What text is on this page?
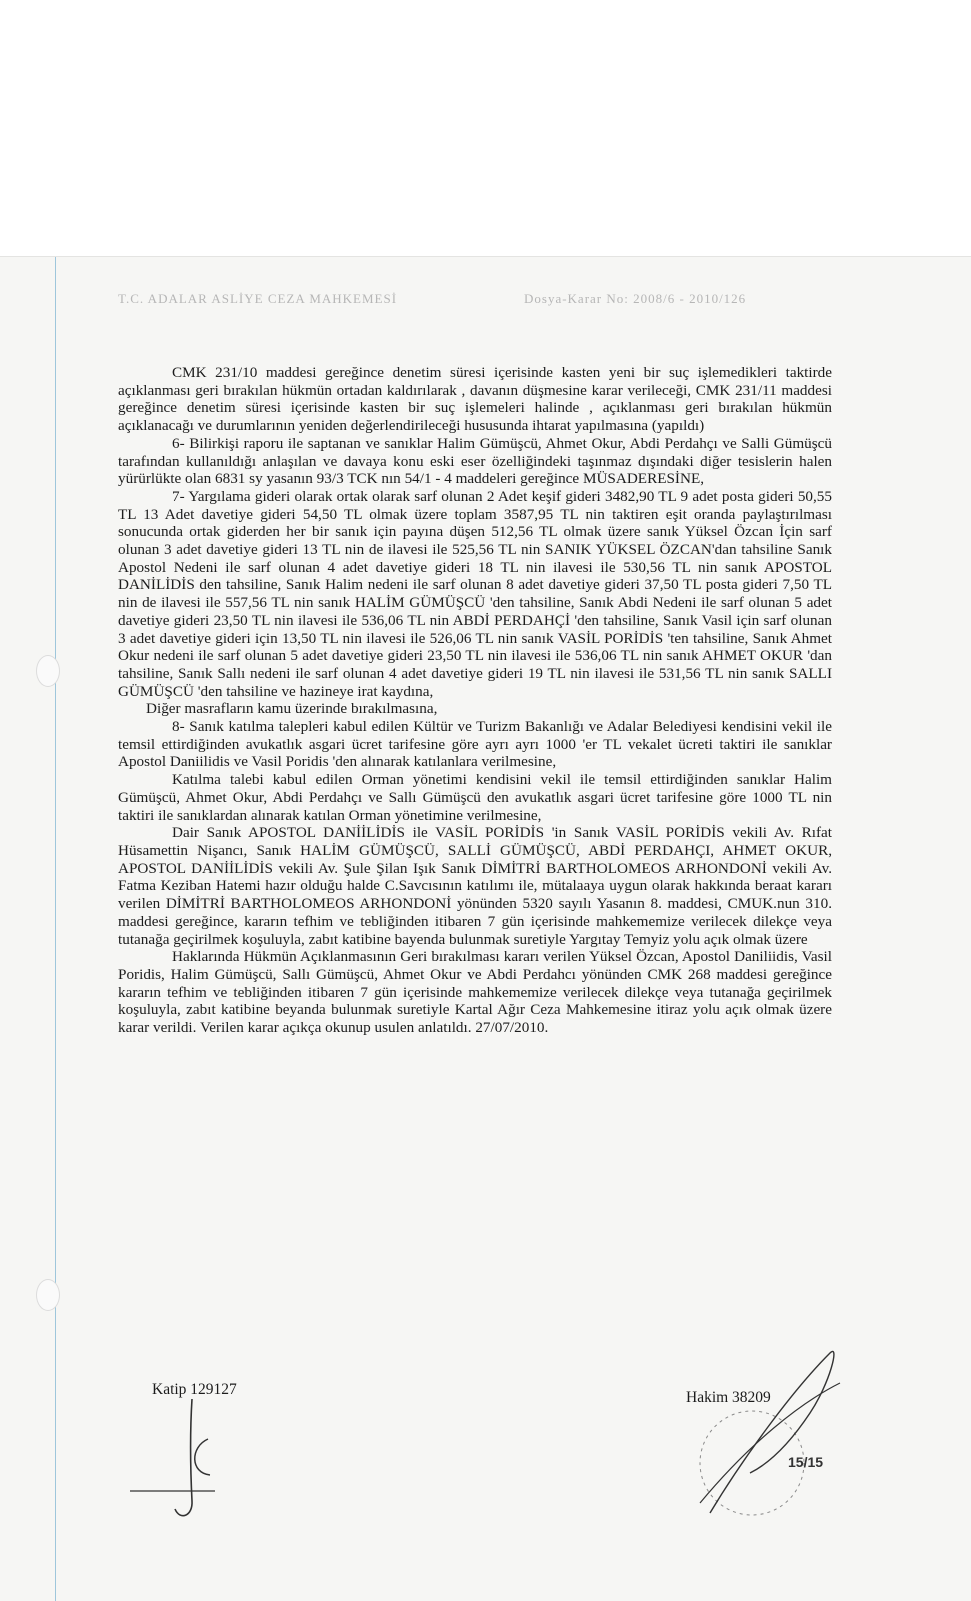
T.C. ADALAR ASLİYE CEZA MAHKEMESİ	Dosya-Karar No: 2008/6 - 2010/126

CMK 231/10 maddesi gereğince denetim süresi içerisinde kasten yeni bir suç işlemedikleri taktirde açıklanması geri bırakılan hükmün ortadan kaldırılarak , davanın düşmesine karar verileceği, CMK 231/11 maddesi gereğince denetim süresi içerisinde kasten bir suç işlemeleri halinde , açıklanması geri bırakılan hükmün açıklanacağı ve durumlarının yeniden değerlendirileceği hususunda ihtarat yapılmasına (yapıldı)

6- Bilirkişi raporu ile saptanan ve sanıklar Halim Gümüşcü, Ahmet Okur, Abdi Perdahçı ve Salli Gümüşcü tarafından kullanıldığı anlaşılan ve davaya konu eski eser özelliğindeki taşınmaz dışındaki diğer tesislerin halen yürürlükte olan 6831 sy yasanın 93/3 TCK nın 54/1 - 4 maddeleri gereğince MÜSADERESİNE,

7- Yargılama gideri olarak ortak olarak sarf olunan 2 Adet keşif gideri 3482,90 TL 9 adet posta gideri 50,55 TL 13 Adet davetiye gideri 54,50 TL olmak üzere toplam 3587,95 TL nin taktiren eşit oranda paylaştırılması sonucunda ortak giderden her bir sanık için payına düşen 512,56 TL olmak üzere sanık Yüksel Özcan İçin sarf olunan 3 adet davetiye gideri 13 TL nin de ilavesi ile 525,56 TL nin SANIK YÜKSEL ÖZCAN'dan tahsiline Sanık Apostol Nedeni ile sarf olunan 4 adet davetiye gideri 18 TL nin ilavesi ile 530,56 TL nin sanık APOSTOL DANİLİDİS den tahsiline, Sanık Halim nedeni ile sarf olunan 8 adet davetiye gideri 37,50 TL posta gideri 7,50 TL nin de ilavesi ile 557,56 TL nin sanık HALİM GÜMÜŞCÜ 'den tahsiline, Sanık Abdi Nedeni ile sarf olunan 5 adet davetiye gideri 23,50 TL nin ilavesi ile 536,06 TL nin ABDİ PERDAHÇİ 'den tahsiline, Sanık Vasil için sarf olunan 3 adet davetiye gideri için 13,50 TL nin ilavesi ile 526,06 TL nin sanık VASİL PORİDİS 'ten tahsiline, Sanık Ahmet Okur nedeni ile sarf olunan 5 adet davetiye gideri 23,50 TL nin ilavesi ile 536,06 TL nin sanık AHMET OKUR 'dan tahsiline, Sanık Sallı nedeni ile sarf olunan 4 adet davetiye gideri 19 TL nin ilavesi ile 531,56 TL nin sanık SALLI GÜMÜŞCÜ 'den tahsiline ve hazineye irat kaydına,

Diğer masrafların kamu üzerinde bırakılmasına,

8- Sanık katılma talepleri kabul edilen Kültür ve Turizm Bakanlığı ve Adalar Belediyesi kendisini vekil ile temsil ettirdiğinden avukatlık asgari ücret tarifesine göre ayrı ayrı 1000 'er TL vekalet ücreti taktiri ile sanıklar Apostol Daniilidis ve Vasil Poridis 'den alınarak katılanlara verilmesine,

Katılma talebi kabul edilen Orman yönetimi kendisini vekil ile temsil ettirdiğinden sanıklar Halim Gümüşcü, Ahmet Okur, Abdi Perdahçı ve Sallı Gümüşcü den avukatlık asgari ücret tarifesine göre 1000 TL nin taktiri ile sanıklardan alınarak katılan Orman yönetimine verilmesine,

Dair Sanık APOSTOL DANİİLİDİS ile VASİL PORİDİS 'in Sanık VASİL PORİDİS vekili Av. Rıfat Hüsamettin Nişancı, Sanık HALİM GÜMÜŞCÜ, SALLİ GÜMÜŞCÜ, ABDİ PERDAHÇI, AHMET OKUR, APOSTOL DANİİLİDİS vekili Av. Şule Şilan Işık Sanık DİMİTRİ BARTHOLOMEOS ARHONDONİ vekili Av. Fatma Keziban Hatemi hazır olduğu halde C.Savcısının katılımı ile, mütalaaya uygun olarak hakkında beraat kararı verilen DİMİTRİ BARTHOLOMEOS ARHONDONİ yönünden 5320 sayılı Yasanın 8. maddesi, CMUK.nun 310. maddesi gereğince, kararın tefhim ve tebliğinden itibaren 7 gün içerisinde mahkememize verilecek dilekçe veya tutanağa geçirilmek koşuluyla, zabıt katibine bayenda bulunmak suretiyle Yargıtay Temyiz yolu açık olmak üzere

Haklarında Hükmün Açıklanmasının Geri bırakılması kararı verilen Yüksel Özcan, Apostol Daniliidis, Vasil Poridis, Halim Gümüşcü, Sallı Gümüşcü, Ahmet Okur ve Abdi Perdahcı yönünden CMK 268 maddesi gereğince kararın tefhim ve tebliğinden itibaren 7 gün içerisinde mahkememize verilecek dilekçe veya tutanağa geçirilmek koşuluyla, zabıt katibine beyanda bulunmak suretiyle Kartal Ağır Ceza Mahkemesine itiraz yolu açık olmak üzere karar verildi. Verilen karar açıkça okunup usulen anlatıldı. 27/07/2010.

Katip 129127	Hakim 38209
15/15
